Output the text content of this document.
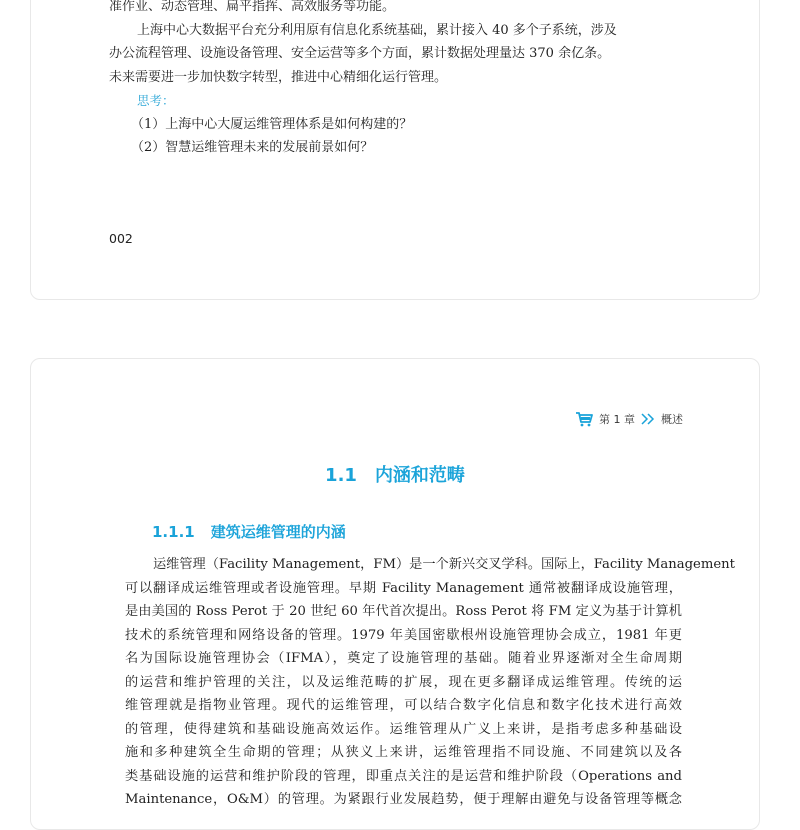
准作业、动态管理、扁平指挥、高效服务等功能。
上海中心大数据平台充分利用原有信息化系统基础，累计接入 40 多个子系统，涉及
办公流程管理、设施设备管理、安全运营等多个方面，累计数据处理量达 370 余亿条。
未来需要进一步加快数字转型，推进中心精细化运行管理。
思考：
（1）上海中心大厦运维管理体系是如何构建的？
（2）智慧运维管理未来的发展前景如何？
002
第 1 章 概述
1.1 内涵和范畴
1.1.1 建筑运维管理的内涵
运维管理（Facility Management，FM）是一个新兴交叉学科。国际上，Facility Management
可以翻译成运维管理或者设施管理。早期 Facility Management 通常被翻译成设施管理，
是由美国的 Ross Perot 于 20 世纪 60 年代首次提出。Ross Perot 将 FM 定义为基于计算机
技术的系统管理和网络设备的管理。1979 年美国密歇根州设施管理协会成立，1981 年更
名为国际设施管理协会（IFMA），奠定了设施管理的基础。随着业界逐渐对全生命周期
的运营和维护管理的关注，以及运维范畴的扩展，现在更多翻译成运维管理。传统的运
维管理就是指物业管理。现代的运维管理，可以结合数字化信息和数字化技术进行高效
的管理，使得建筑和基础设施高效运作。运维管理从广义上来讲，是指考虑多种基础设
施和多种建筑全生命期的管理；从狭义上来讲，运维管理指不同设施、不同建筑以及各
类基础设施的运营和维护阶段的管理，即重点关注的是运营和维护阶段（Operations and
Maintenance，O&M）的管理。为紧跟行业发展趋势，便于理解由避免与设备管理等概念
